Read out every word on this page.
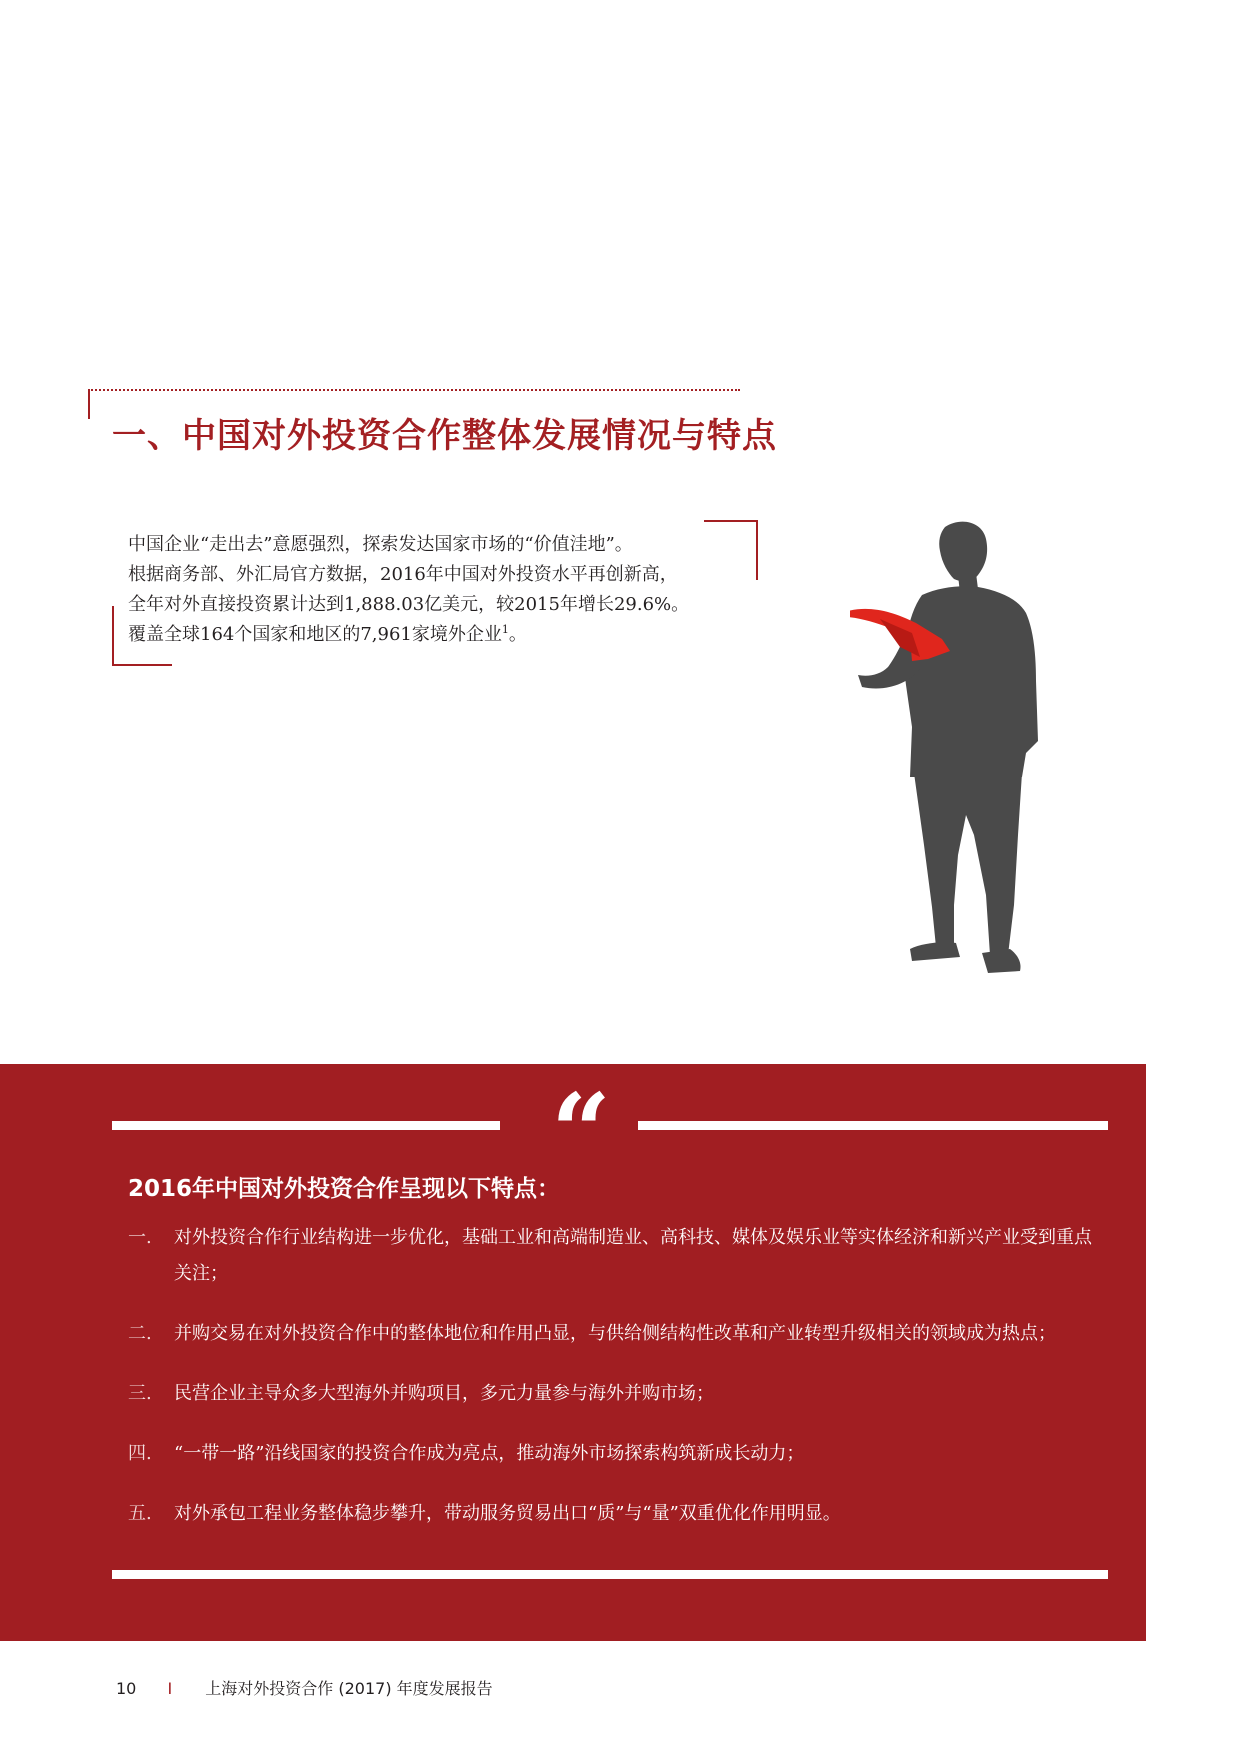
一、中国对外投资合作整体发展情况与特点

中国企业“走出去”意愿强烈，探索发达国家市场的“价值洼地”。

根据商务部、外汇局官方数据，2016年中国对外投资水平再创新高，

全年对外直接投资累计达到1,888.03亿美元，较2015年增长29.6%。

覆盖全球164个国家和地区的7,961家境外企业$^1$。

“
2016年中国对外投资合作呈现以下特点：
一.	对外投资合作行业结构进一步优化，基础工业和高端制造业、高科技、媒体及娱乐业等实体经济和新兴产业受到重点关注；
二.	并购交易在对外投资合作中的整体地位和作用凸显，与供给侧结构性改革和产业转型升级相关的领域成为热点；
三.	民营企业主导众多大型海外并购项目，多元力量参与海外并购市场；
四.	“一带一路”沿线国家的投资合作成为亮点，推动海外市场探索构筑新成长动力；
五.	对外承包工程业务整体稳步攀升，带动服务贸易出口“质”与“量”双重优化作用明显。
10 I 上海对外投资合作 (2017) 年度发展报告
